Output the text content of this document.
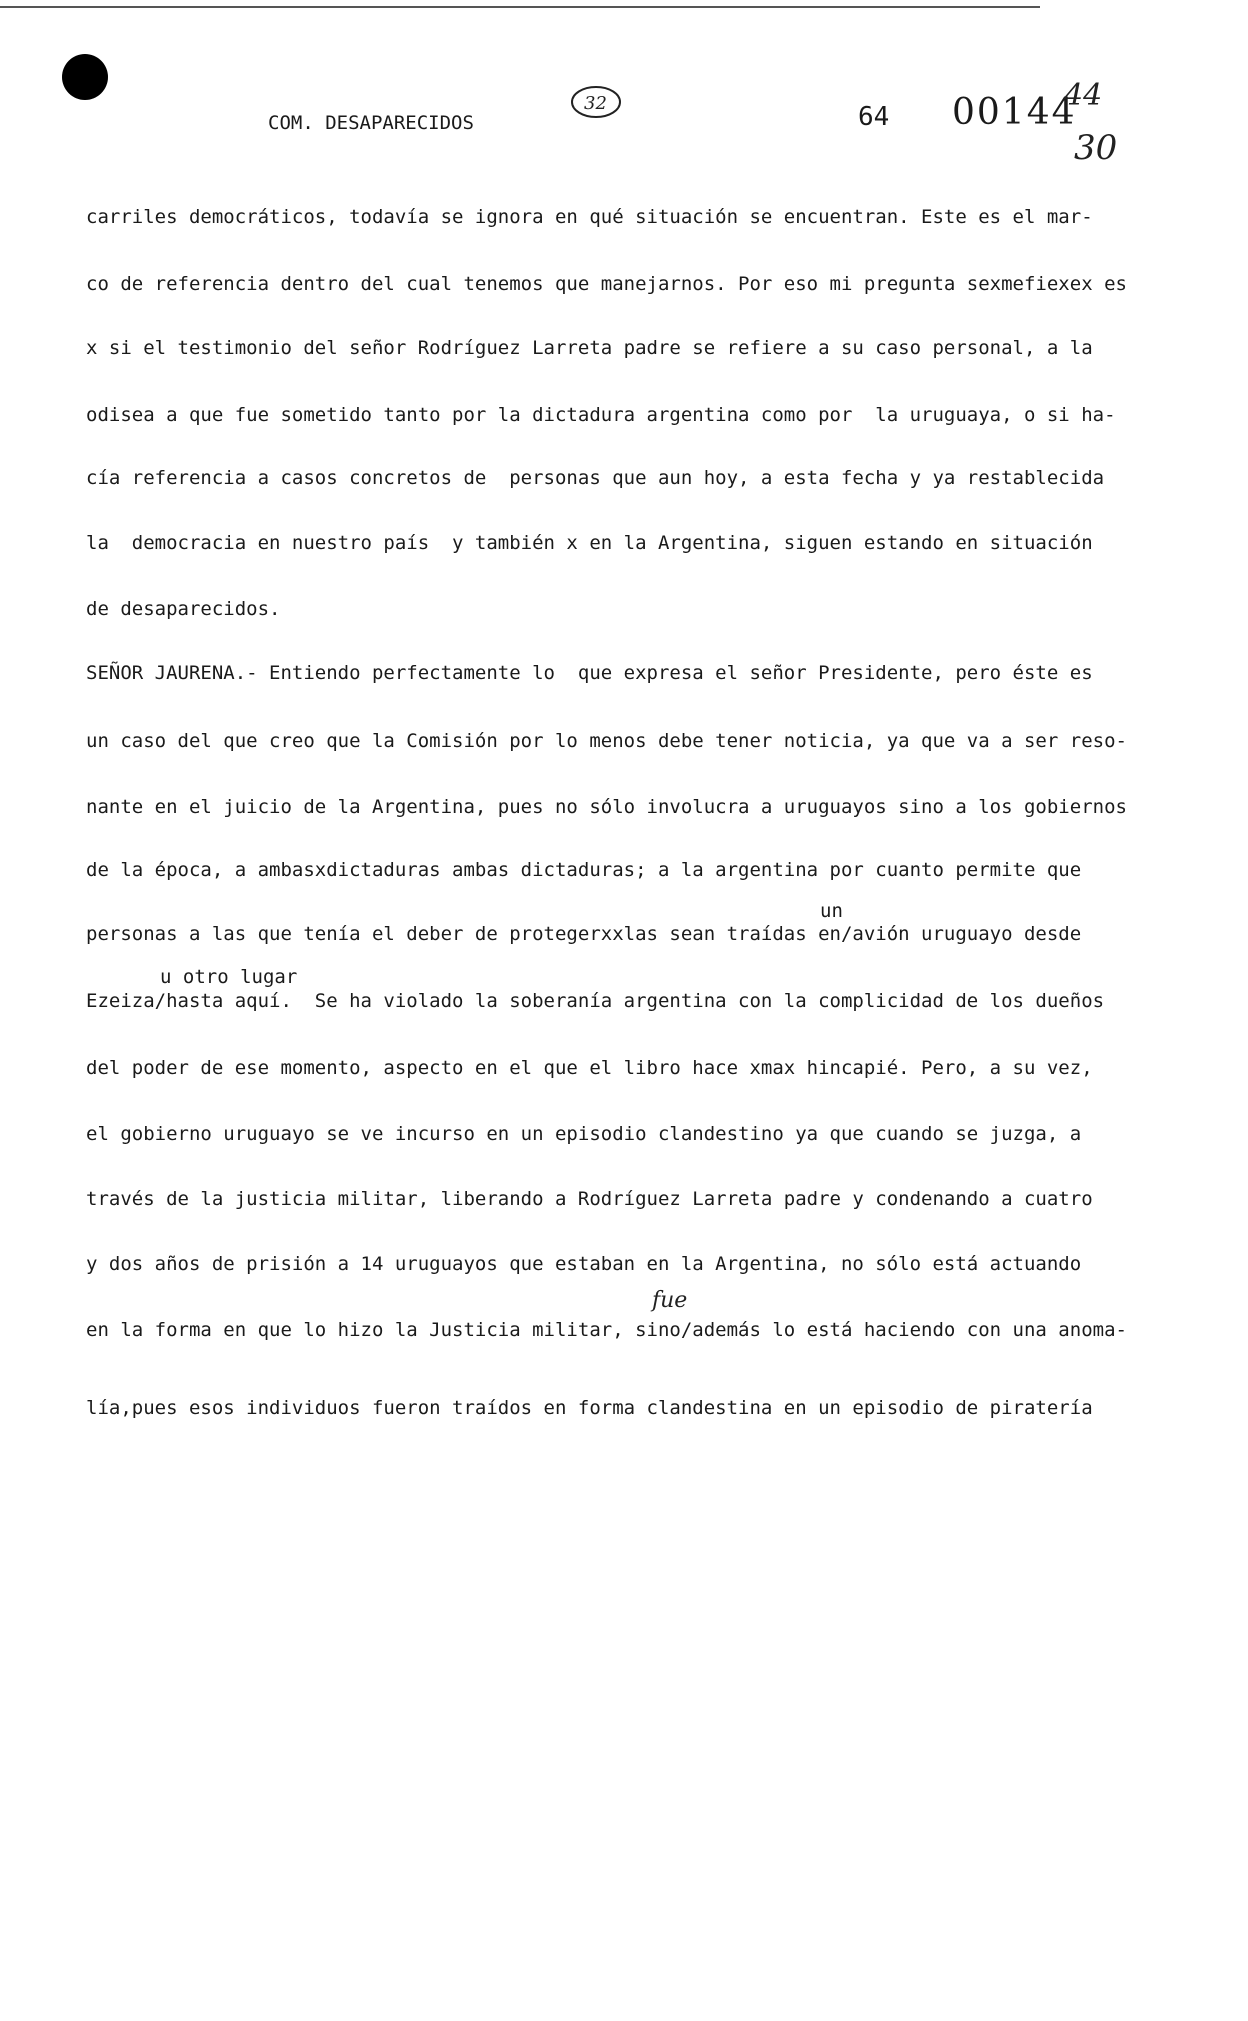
COM. DESAPARECIDOS
32	64 00144
44
30
carriles democráticos, todavía se ignora en qué situación se encuentran. Este es el mar-
co de referencia dentro del cual tenemos que manejarnos. Por eso mi pregunta sexmefiexex es
x si el testimonio del señor Rodríguez Larreta padre se refiere a su caso personal, a la
odisea a que fue sometido tanto por la dictadura argentina como por  la uruguaya, o si ha-
cía referencia a casos concretos de  personas que aun hoy, a esta fecha y ya restablecida
la  democracia en nuestro país  y también x en la Argentina, siguen estando en situación
de desaparecidos.
SEÑOR JAURENA.- Entiendo perfectamente lo  que expresa el señor Presidente, pero éste es
un caso del que creo que la Comisión por lo menos debe tener noticia, ya que va a ser reso-
nante en el juicio de la Argentina, pues no sólo involucra a uruguayos sino a los gobiernos
de la época, a ambasxdictaduras ambas dictaduras; a la argentina por cuanto permite que
un
personas a las que tenía el deber de protegerxxlas sean traídas en/avión uruguayo desde
u otro lugar
Ezeiza/hasta aquí.  Se ha violado la soberanía argentina con la complicidad de los dueños
del poder de ese momento, aspecto en el que el libro hace xmax hincapié. Pero, a su vez,
el gobierno uruguayo se ve incurso en un episodio clandestino ya que cuando se juzga, a
través de la justicia militar, liberando a Rodríguez Larreta padre y condenando a cuatro
y dos años de prisión a 14 uruguayos que estaban en la Argentina, no sólo está actuando
fue
en la forma en que lo hizo la Justicia militar, sino/además lo está haciendo con una anoma-
lía,pues esos individuos fueron traídos en forma clandestina en un episodio de piratería
